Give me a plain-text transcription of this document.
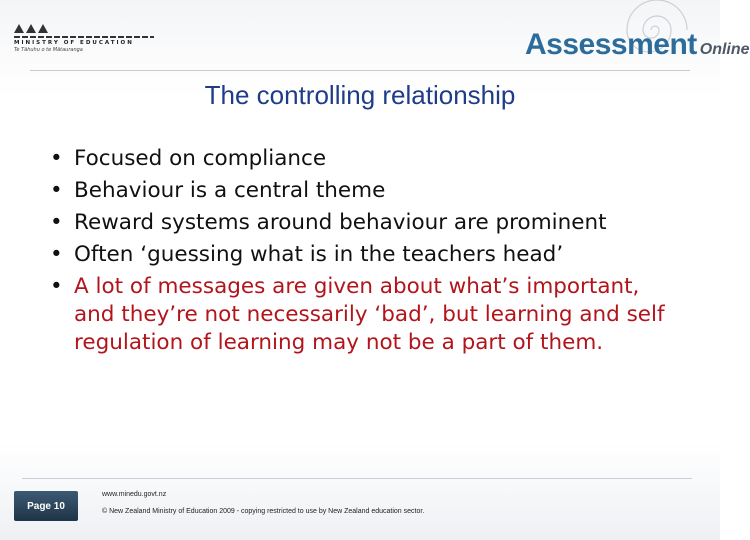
MINISTRY OF EDUCATION
Te Tāhuhu o te Mātauranga	Assessment Online
The controlling relationship
• Focused on compliance
• Behaviour is a central theme
• Reward systems around behaviour are prominent
• Often ‘guessing what is in the teachers head’
• A lot of messages are given about what’s important, and they’re not necessarily ‘bad’, but learning and self regulation of learning may not be a part of them.
Page 10
www.minedu.govt.nz
© New Zealand Ministry of Education 2009 - copying restricted to use by New Zealand education sector.
